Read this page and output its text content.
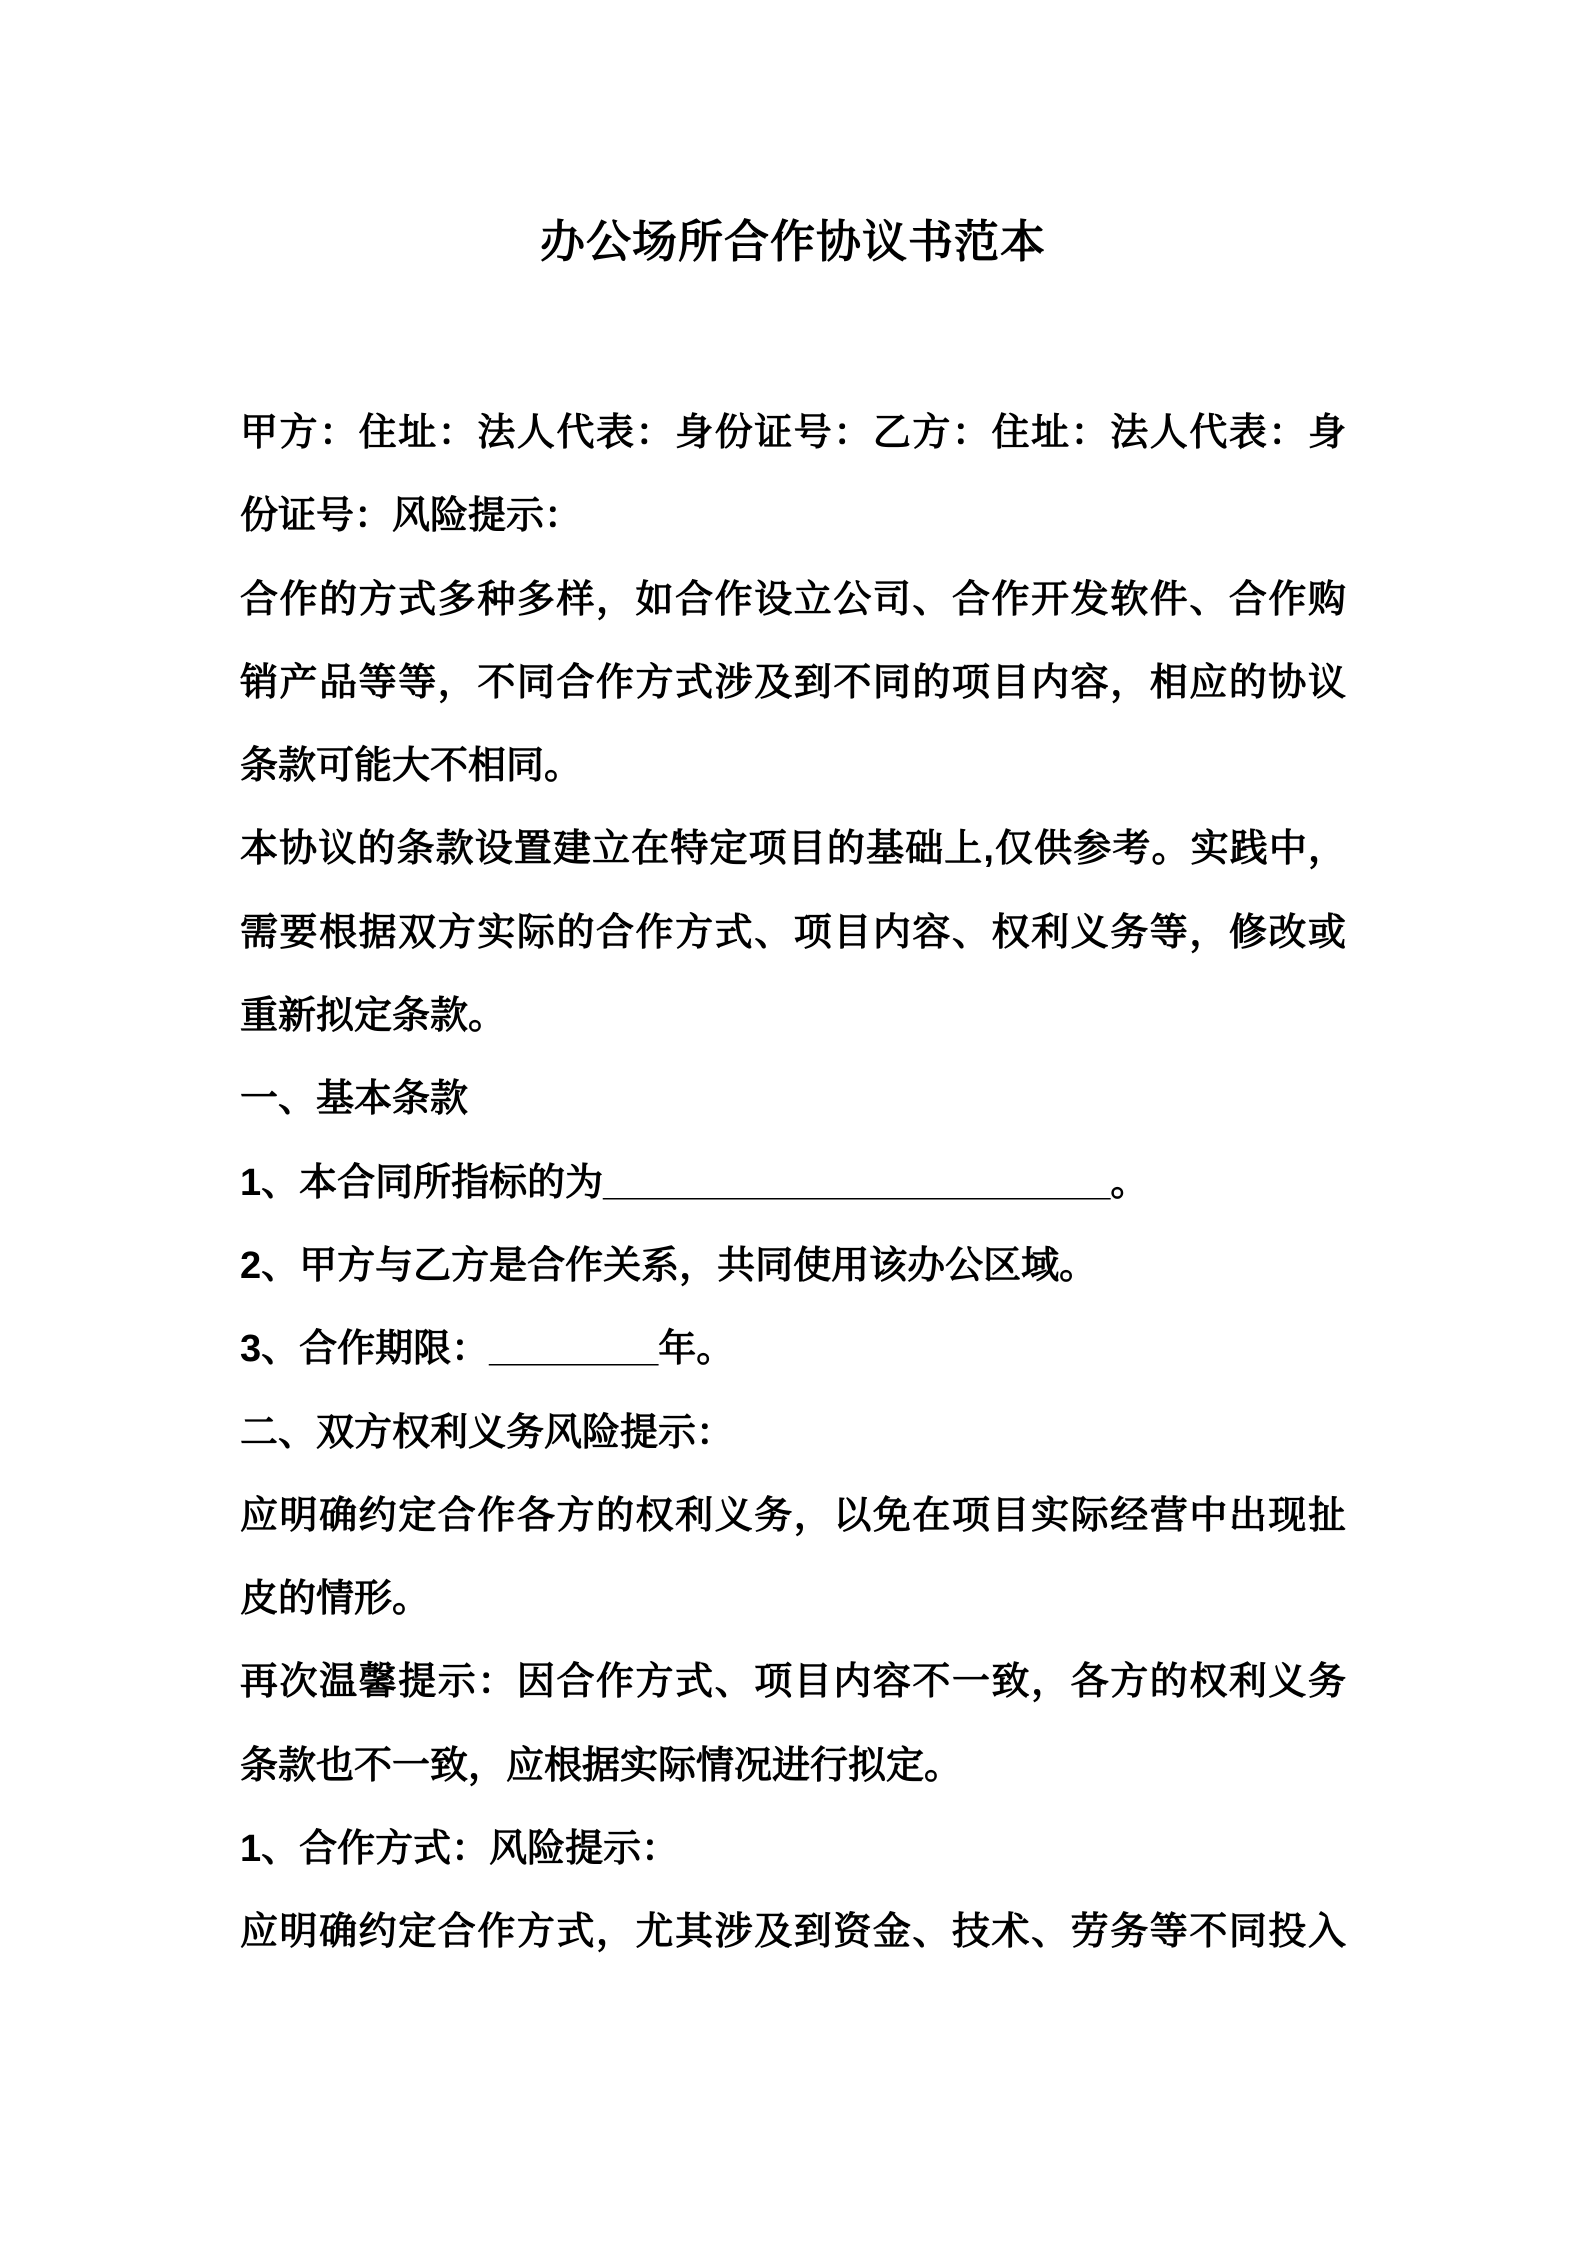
办公场所合作协议书范本
甲方：住址：法人代表：身份证号：乙方：住址：法人代表：身
份证号：风险提示：
合作的方式多种多样，如合作设立公司、合作开发软件、合作购
销产品等等，不同合作方式涉及到不同的项目内容，相应的协议
条款可能大不相同。
本协议的条款设置建立在特定项目的基础上,仅供参考。实践中，
需要根据双方实际的合作方式、项目内容、权利义务等，修改或
重新拟定条款。
一、基本条款
1、本合同所指标的为________________________。
2、甲方与乙方是合作关系，共同使用该办公区域。
3、合作期限：________年。
二、双方权利义务风险提示：
应明确约定合作各方的权利义务，以免在项目实际经营中出现扯
皮的情形。
再次温馨提示：因合作方式、项目内容不一致，各方的权利义务
条款也不一致，应根据实际情况进行拟定。
1、合作方式：风险提示：
应明确约定合作方式，尤其涉及到资金、技术、劳务等不同投入
